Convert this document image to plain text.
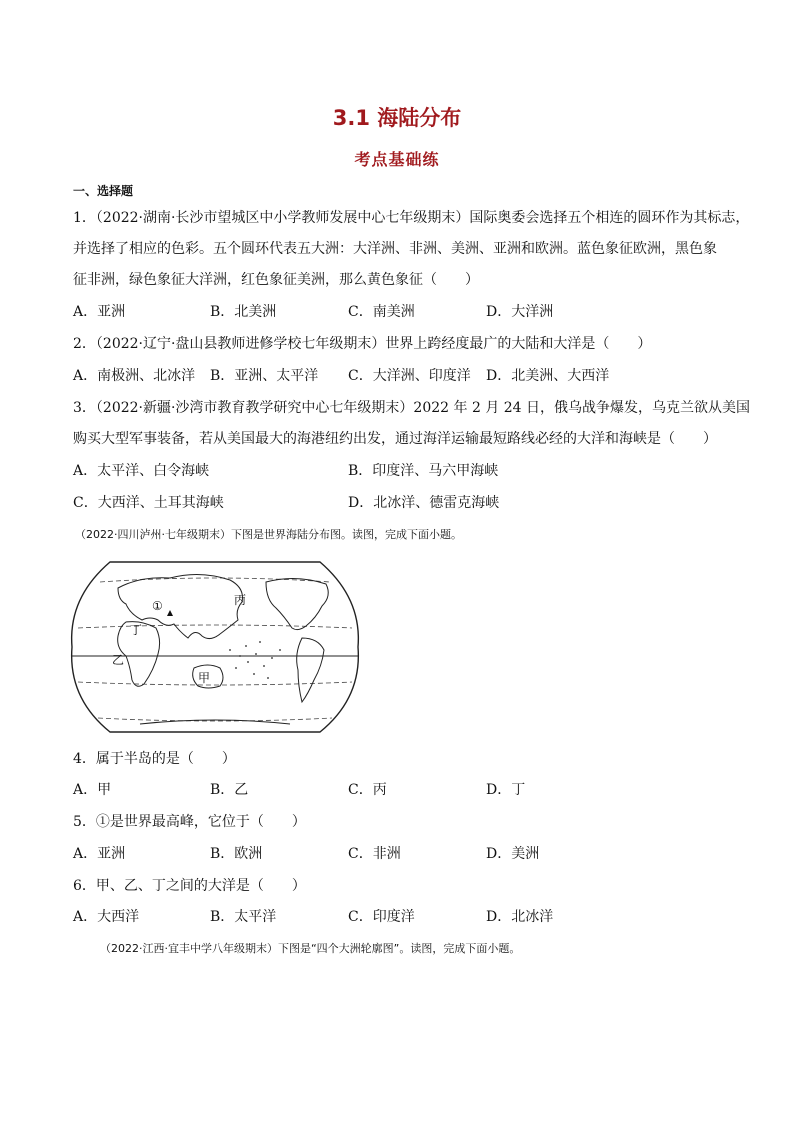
3.1 海陆分布
考点基础练
一、选择题
1．（2022·湖南·长沙市望城区中小学教师发展中心七年级期末）国际奥委会选择五个相连的圆环作为其标志，
并选择了相应的色彩。五个圆环代表五大洲：大洋洲、非洲、美洲、亚洲和欧洲。蓝色象征欧洲，黑色象
征非洲，绿色象征大洋洲，红色象征美洲，那么黄色象征（　　）
A．亚洲	B．北美洲	C．南美洲	D．大洋洲
2．（2022·辽宁·盘山县教师进修学校七年级期末）世界上跨经度最广的大陆和大洋是（　　）
A．南极洲、北冰洋 B．亚洲、太平洋 C．大洋洲、印度洋 D．北美洲、大西洋
3．（2022·新疆·沙湾市教育教学研究中心七年级期末）2022 年 2 月 24 日，俄乌战争爆发，乌克兰欲从美国
购买大型军事装备，若从美国最大的海港纽约出发，通过海洋运输最短路线必经的大洋和海峡是（　　）
A．太平洋、白令海峡	B．印度洋、马六甲海峡
C．大西洋、土耳其海峡	D．北冰洋、德雷克海峡
（2022·四川泸州·七年级期末）下图是世界海陆分布图。读图，完成下面小题。
丙
①
丁
乙
甲
4．属于半岛的是（　　）
A．甲	B．乙	C．丙	D．丁
5．①是世界最高峰，它位于（　　）
A．亚洲	B．欧洲	C．非洲	D．美洲
6．甲、乙、丁之间的大洋是（　　）
A．大西洋	B．太平洋	C．印度洋	D．北冰洋
（2022·江西·宜丰中学八年级期末）下图是“四个大洲轮廓图”。读图，完成下面小题。
